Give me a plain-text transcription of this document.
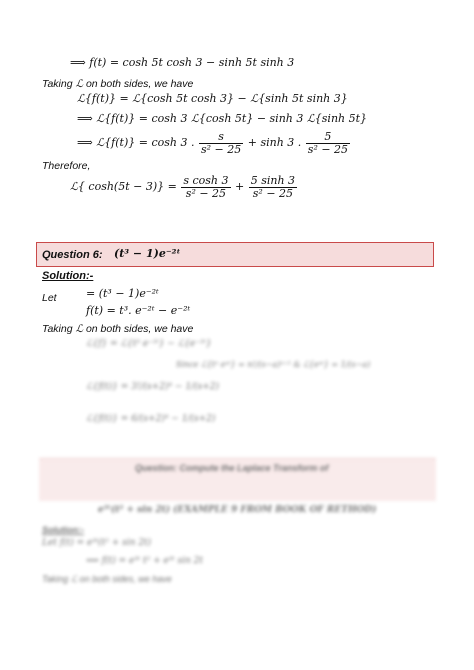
⟹ f(t) = cosh 5t cosh 3 − sinh 5t sinh 3
Taking ℒ on both sides, we have
ℒ{f(t)} = ℒ{cosh 5t cosh 3} − ℒ{sinh 5t sinh 3}
⟹ ℒ{f(t)} = cosh 3 ℒ{cosh 5t} − sinh 3 ℒ{sinh 5t}
⟹ ℒ{f(t)} = cosh 3 . $\frac{s}{\text{s² − 25}} + \sinh 3$ . $\frac{5}{\text{s² − 25}}$
Therefore,
ℒ{ $\cosh(5t - 3)\} = \frac{\text{s cosh 3}}{\text{s² − 25}} + \frac{5 \sinh 3}{\text{s² − 25}}$
Question 6: (t³ − 1)e⁻²ᵗ
Solution:-
Let	= (t³ − 1)e⁻²ᵗ
f(t) = t³. e⁻²ᵗ − e⁻²ᵗ
Taking ℒ on both sides, we have
ℒ{f} = ℒ{t³ e⁻²ᵗ} − ℒ{e⁻²ᵗ}
Since ℒ{tⁿ eᵃᵗ} = n!/(s−a)ⁿ⁺¹ & ℒ{eᵃᵗ} = 1/(s−a)
ℒ{f(t)} = 3!/(s+2)⁴ − 1/(s+2)
ℒ{f(t)} = 6/(s+2)⁴ − 1/(s+2)
Question: Compute the Laplace Transform of
e³ᵗ(t² + sin 2t) (EXAMPLE 9 FROM BOOK OF RETHOD)
Solution:-
Let f(t) = e³ᵗ(t² + sin 2t)
⟹ f(t) = e³ᵗ t² + e³ᵗ sin 2t
Taking ℒ on both sides, we have
